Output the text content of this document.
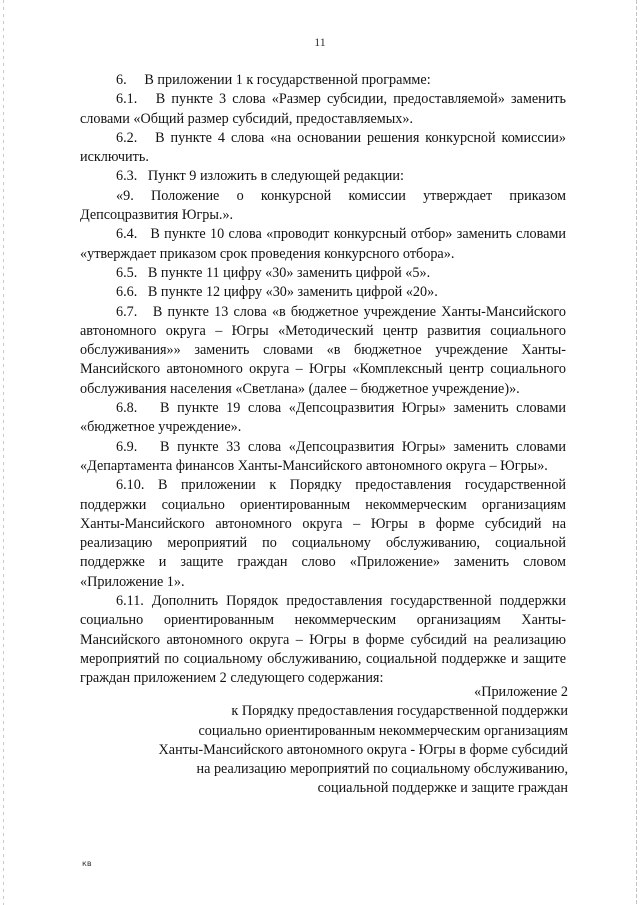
11

6.     В приложении 1 к государственной программе:

6.1.   В пункте 3 слова «Размер субсидии, предоставляемой» заменить словами «Общий размер субсидий, предоставляемых».

6.2.   В пункте 4 слова «на основании решения конкурсной комиссии» исключить.

6.3.   Пункт 9 изложить в следующей редакции:

«9. Положение о конкурсной комиссии утверждает приказом Депсоцразвития Югры.».

6.4.   В пункте 10 слова «проводит конкурсный отбор» заменить словами «утверждает приказом срок проведения конкурсного отбора».

6.5.   В пункте 11 цифру «30» заменить цифрой «5».

6.6.   В пункте 12 цифру «30» заменить цифрой «20».

6.7.   В пункте 13 слова «в бюджетное учреждение Ханты-Мансийского автономного округа – Югры «Методический центр развития социального обслуживания»» заменить словами «в бюджетное учреждение Ханты-Мансийского автономного округа – Югры «Комплексный центр социального обслуживания населения «Светлана» (далее – бюджетное учреждение)».

6.8.   В пункте 19 слова «Депсоцразвития Югры» заменить словами «бюджетное учреждение».

6.9.   В пункте 33 слова «Депсоцразвития Югры» заменить словами «Департамента финансов Ханты-Мансийского автономного округа – Югры».

6.10. В приложении к Порядку предоставления государственной поддержки социально ориентированным некоммерческим организациям Ханты-Мансийского автономного округа – Югры в форме субсидий на реализацию мероприятий по социальному обслуживанию, социальной поддержке и защите граждан слово «Приложение» заменить словом «Приложение 1».

6.11. Дополнить Порядок предоставления государственной поддержки социально ориентированным некоммерческим организациям Ханты-Мансийского автономного округа – Югры в форме субсидий на реализацию мероприятий по социальному обслуживанию, социальной поддержке и защите граждан приложением 2 следующего содержания:

«Приложение 2
к Порядку предоставления государственной поддержки
социально ориентированным некоммерческим организациям
Ханты-Мансийского автономного округа - Югры в форме субсидий
на реализацию мероприятий по социальному обслуживанию,
социальной поддержке и защите граждан
кв
